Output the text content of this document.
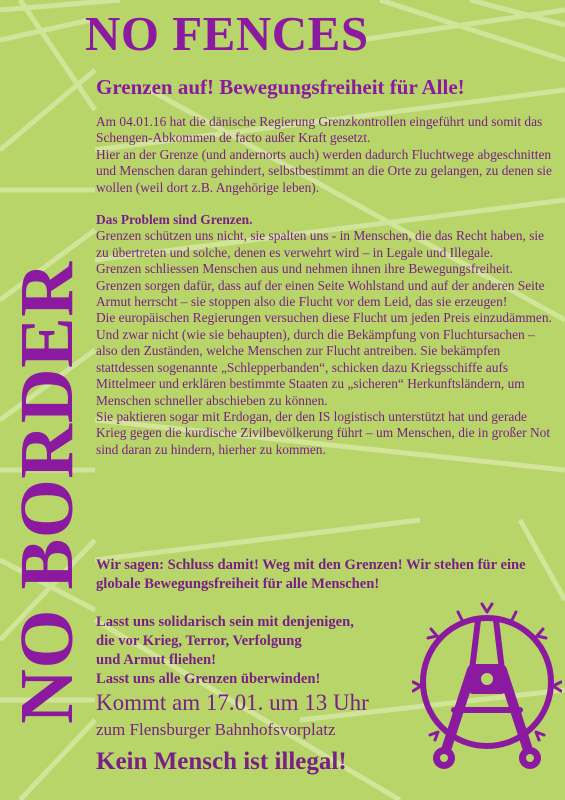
NO BORDER
NO FENCES
Grenzen auf! Bewegungsfreiheit für Alle!

Am 04.01.16 hat die dänische Regierung Grenzkontrollen eingeführt und somit das Schengen-Abkommen de facto außer Kraft gesetzt.

Hier an der Grenze (und andernorts auch) werden dadurch Fluchtwege abgeschnitten und Menschen daran gehindert, selbstbestimmt an die Orte zu gelangen, zu denen sie wollen (weil dort z.B. Angehörige leben).

Das Problem sind Grenzen.

Grenzen schützen uns nicht, sie spalten uns - in Menschen, die das Recht haben, sie zu übertreten und solche, denen es verwehrt wird – in Legale und Illegale.

Grenzen schliessen Menschen aus und nehmen ihnen ihre Bewegungsfreiheit.

Grenzen sorgen dafür, dass auf der einen Seite Wohlstand und auf der anderen Seite Armut herrscht – sie stoppen also die Flucht vor dem Leid, das sie erzeugen!

Die europäischen Regierungen versuchen diese Flucht um jeden Preis einzudämmen. Und zwar nicht (wie sie behaupten), durch die Bekämpfung von Fluchtursachen – also den Zuständen, welche Menschen zur Flucht antreiben. Sie bekämpfen stattdessen sogenannte „Schlepperbanden“, schicken dazu Kriegsschiffe aufs Mittelmeer und erklären bestimmte Staaten zu „sicheren“ Herkunftsländern, um Menschen schneller abschieben zu können.

Sie paktieren sogar mit Erdogan, der den IS logistisch unterstützt hat und gerade Krieg gegen die kurdische Zivilbevölkerung führt – um Menschen, die in großer Not sind daran zu hindern, hierher zu kommen.

Wir sagen: Schluss damit! Weg mit den Grenzen! Wir stehen für eine globale Bewegungsfreiheit für alle Menschen!
Lasst uns solidarisch sein mit denjenigen,
die vor Krieg, Terror, Verfolgung
und Armut fliehen!
Lasst uns alle Grenzen überwinden!
Kommt am 17.01. um 13 Uhr
zum Flensburger Bahnhofsvorplatz
Kein Mensch ist illegal!
